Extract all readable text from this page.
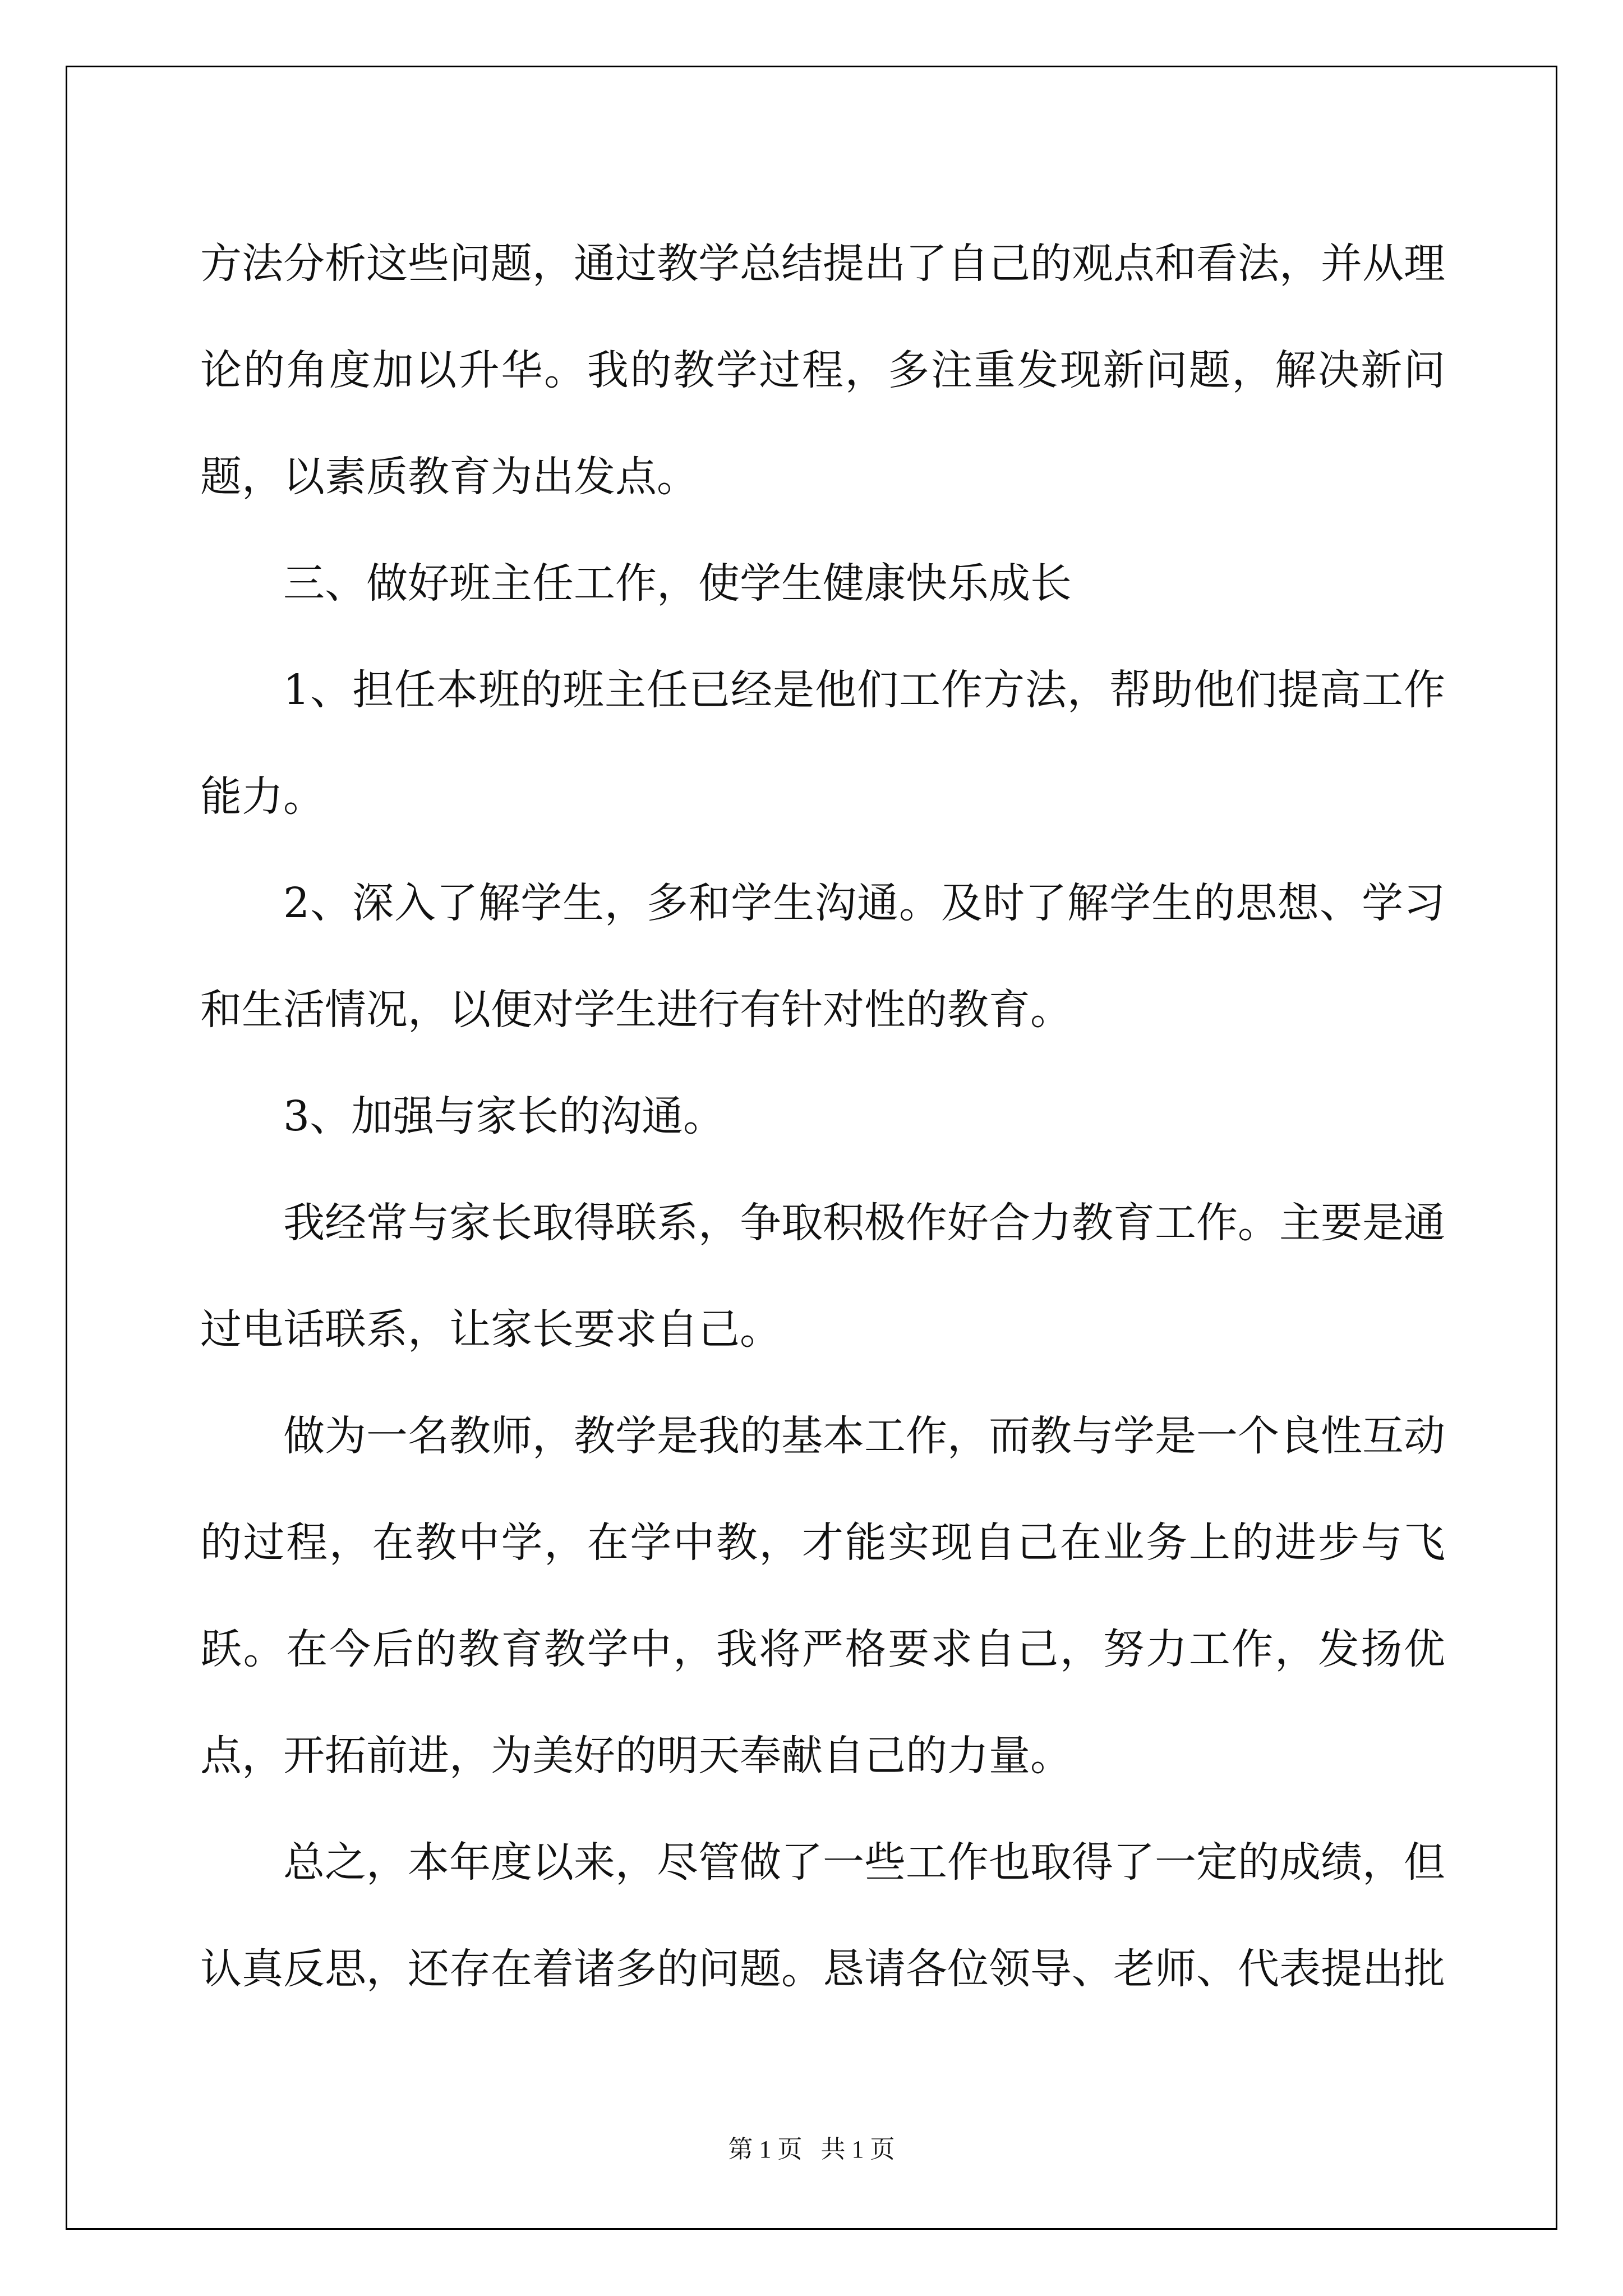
方法分析这些问题，通过教学总结提出了自己的观点和看法，并从理论的角度加以升华。我的教学过程，多注重发现新问题，解决新问题，以素质教育为出发点。

三、做好班主任工作，使学生健康快乐成长

1、担任本班的班主任已经是他们工作方法，帮助他们提高工作能力。

2、深入了解学生，多和学生沟通。及时了解学生的思想、学习和生活情况，以便对学生进行有针对性的教育。

3、加强与家长的沟通。

我经常与家长取得联系，争取积极作好合力教育工作。主要是通过电话联系，让家长要求自己。

做为一名教师，教学是我的基本工作，而教与学是一个良性互动的过程，在教中学，在学中教，才能实现自己在业务上的进步与飞跃。在今后的教育教学中，我将严格要求自己，努力工作，发扬优点，开拓前进，为美好的明天奉献自己的力量。

总之，本年度以来，尽管做了一些工作也取得了一定的成绩，但认真反思，还存在着诸多的问题。恳请各位领导、老师、代表提出批

第 1 页   共 1 页
